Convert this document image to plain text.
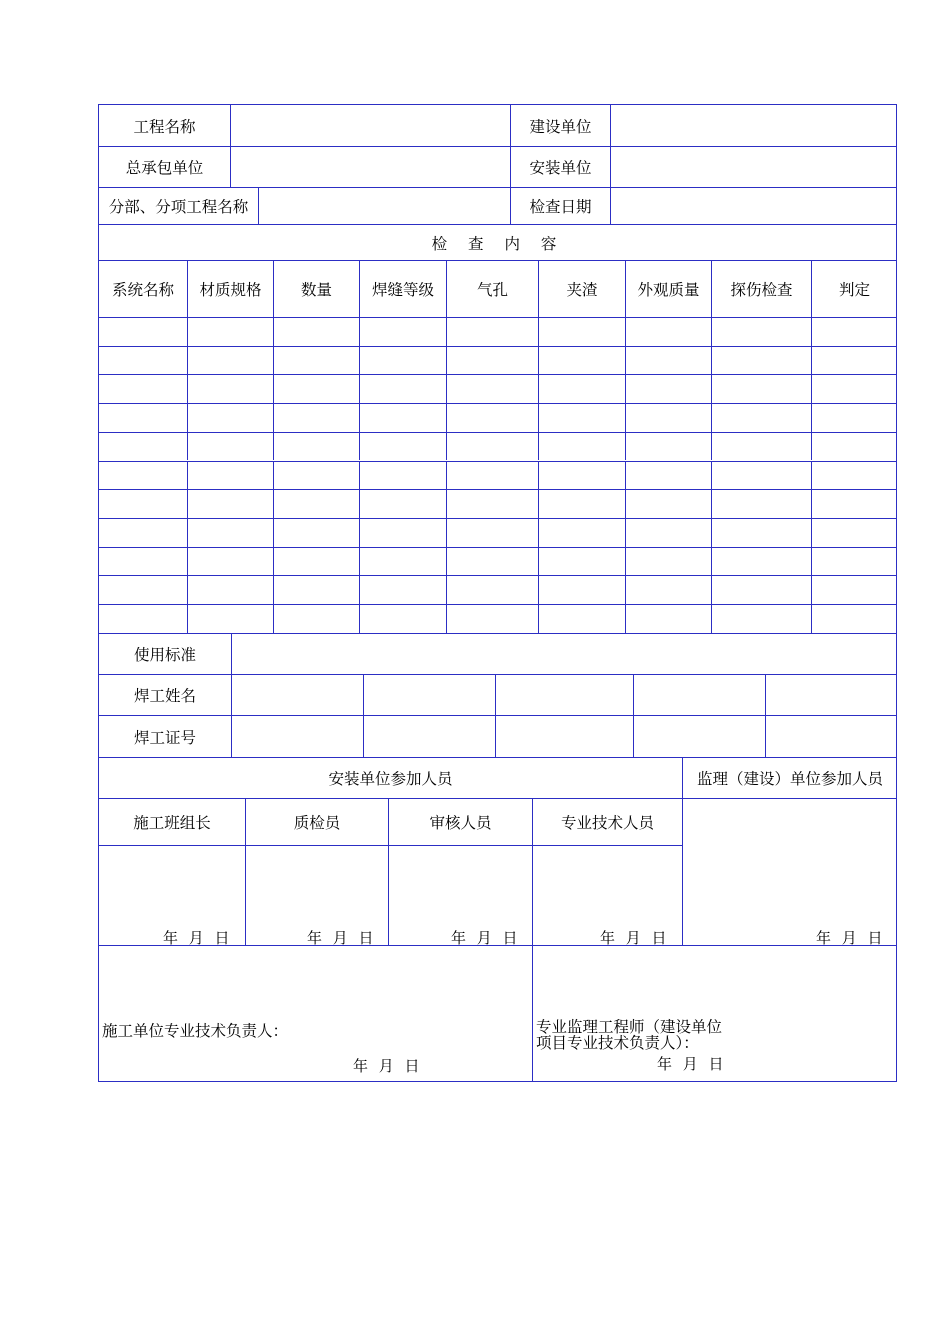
工程名称	建设单位
总承包单位	安装单位
分部、分项工程名称	检查日期
检 查 内 容
系统名称	材质规格	数量	焊缝等级	气孔	夹渣	外观质量	探伤检查	判定
使用标准
焊工姓名
焊工证号
安装单位参加人员	监理（建设）单位参加人员
施工班组长	质检员	审核人员	专业技术人员
年 月 日	年 月 日	年 月 日	年 月 日	年 月 日
施工单位专业技术负责人：
年 月 日
专业监理工程师（建设单位
项目专业技术负责人）：
年 月 日
